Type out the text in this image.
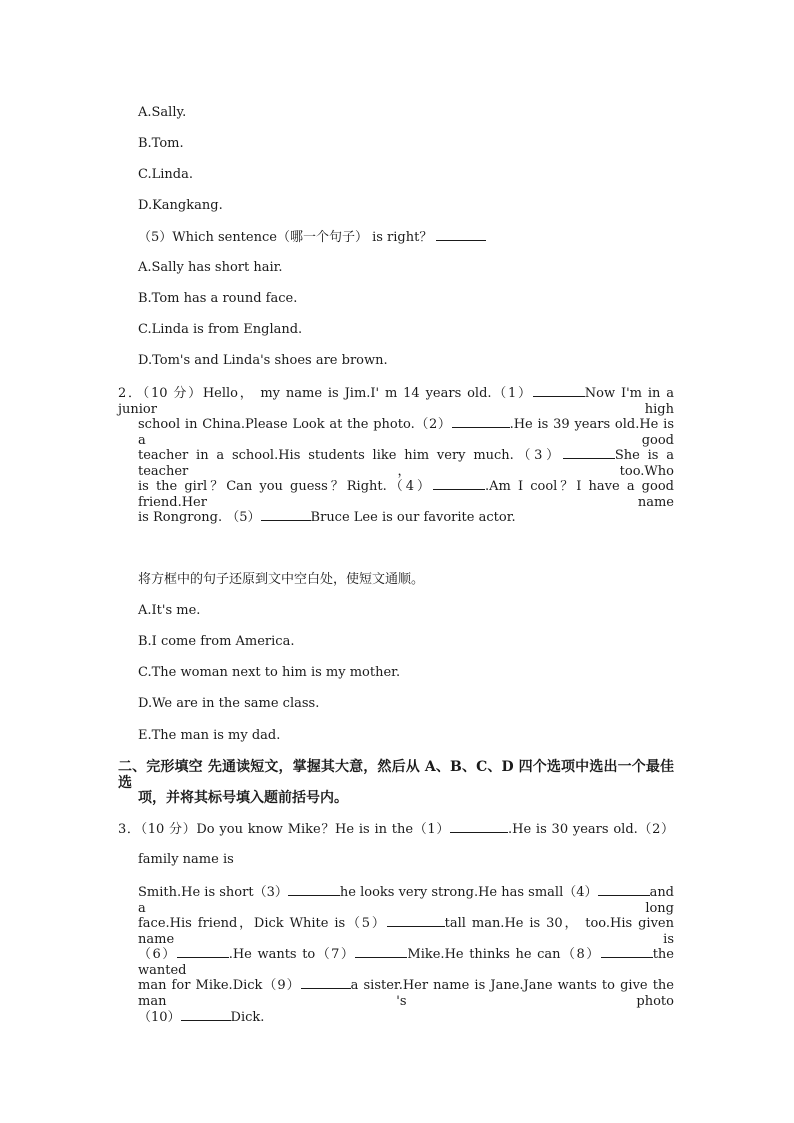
A.Sally.
B.Tom.
C.Linda.
D.Kangkang.
（5）Which sentence（哪一个句子） is right？
A.Sally has short hair.
B.Tom has a round face.
C.Linda is from England.
D.Tom's and Linda's shoes are brown.
2．（10 分）Hello， my name is Jim.I' m 14 years old.（1）	Now I'm in a junior high
school in China.Please Look at the photo.（2）	.He is 39 years old.He is a good
teacher in a school.His students like him very much.（3）	She is a teacher，too.Who
is the girl？Can you guess？Right.（4）	.Am I cool？I have a good friend.Her name
is Rongrong. （5）	Bruce Lee is our favorite actor.
将方框中的句子还原到文中空白处，使短文通顺。
A.It's me.
B.I come from America.
C.The woman next to him is my mother.
D.We are in the same class.
E.The man is my dad.
二、完形填空 先通读短文，掌握其大意，然后从 A、B、C、D 四个选项中选出一个最佳选
项，并将其标号填入题前括号内。
3．（10 分）Do you know Mike？He is in the（1）	.He is 30 years old.（2）
family name is
Smith.He is short（3）	he looks very strong.He has small（4）	and a long
face.His friend，Dick White is（5）	tall man.He is 30， too.His given name is
（6）	.He wants to（7）	Mike.He thinks he can（8）	the wanted
man for Mike.Dick（9）	a sister.Her name is Jane.Jane wants to give the man 's photo
（10）	Dick.
